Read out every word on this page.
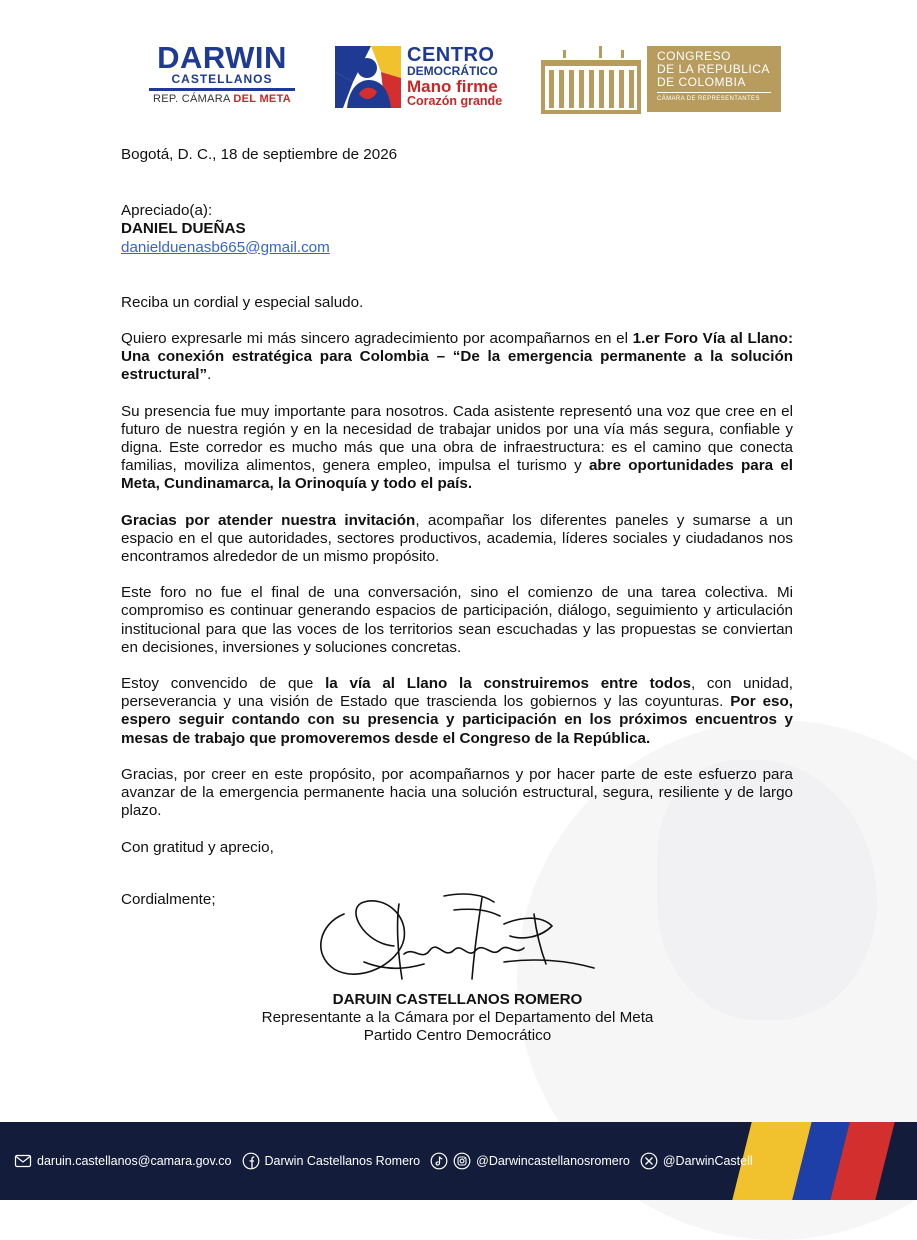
DARWIN
CASTELLANOS
REP. CÁMARA DEL META
CENTRO
DEMOCRÁTICO
Mano firme
Corazón grande
CONGRESO
DE LA REPUBLICA
DE COLOMBIA
CÁMARA DE REPRESENTANTES

Bogotá, D. C., 18 de septiembre de 2026

Apreciado(a):
DANIEL DUEÑAS
danielduenasb665@gmail.com

Reciba un cordial y especial saludo.

Quiero expresarle mi más sincero agradecimiento por acompañarnos en el 1.er Foro Vía al Llano: Una conexión estratégica para Colombia – “De la emergencia permanente a la solución estructural”.

Su presencia fue muy importante para nosotros. Cada asistente representó una voz que cree en el futuro de nuestra región y en la necesidad de trabajar unidos por una vía más segura, confiable y digna. Este corredor es mucho más que una obra de infraestructura: es el camino que conecta familias, moviliza alimentos, genera empleo, impulsa el turismo y abre oportunidades para el Meta, Cundinamarca, la Orinoquía y todo el país.

Gracias por atender nuestra invitación, acompañar los diferentes paneles y sumarse a un espacio en el que autoridades, sectores productivos, academia, líderes sociales y ciudadanos nos encontramos alrededor de un mismo propósito.

Este foro no fue el final de una conversación, sino el comienzo de una tarea colectiva. Mi compromiso es continuar generando espacios de participación, diálogo, seguimiento y articulación institucional para que las voces de los territorios sean escuchadas y las propuestas se conviertan en decisiones, inversiones y soluciones concretas.

Estoy convencido de que la vía al Llano la construiremos entre todos, con unidad, perseverancia y una visión de Estado que trascienda los gobiernos y las coyunturas. Por eso, espero seguir contando con su presencia y participación en los próximos encuentros y mesas de trabajo que promoveremos desde el Congreso de la República.

Gracias, por creer en este propósito, por acompañarnos y por hacer parte de este esfuerzo para avanzar de la emergencia permanente hacia una solución estructural, segura, resiliente y de largo plazo.

Con gratitud y aprecio,

Cordialmente;

DARUIN CASTELLANOS ROMERO
Representante a la Cámara por el Departamento del Meta
Partido Centro Democrático
daruin.castellanos@camara.gov.co	Darwin Castellanos Romero	@Darwincastellanosromero	@DarwinCastell
